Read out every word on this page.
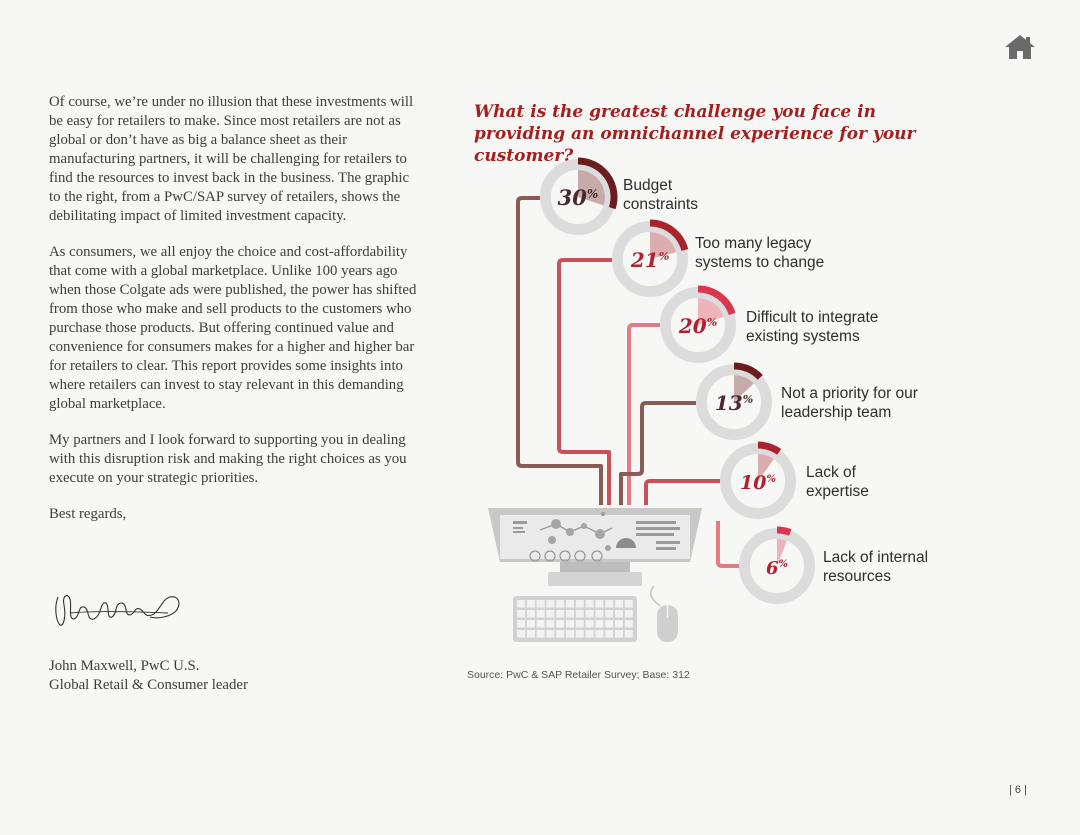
Of course, we’re under no illusion that these investments will be easy for retailers to make. Since most retailers are not as global or don’t have as big a balance sheet as their manufacturing partners, it will be challenging for retailers to find the resources to invest back in the business. The graphic to the right, from a PwC/SAP survey of retailers, shows the debilitating impact of limited investment capacity.

As consumers, we all enjoy the choice and cost-affordability that come with a global marketplace. Unlike 100 years ago when those Colgate ads were published, the power has shifted from those who make and sell products to the customers who purchase those products. But offering continued value and convenience for consumers makes for a higher and higher bar for retailers to clear. This report provides some insights into where retailers can invest to stay relevant in this demanding global marketplace.

My partners and I look forward to supporting you in dealing with this disruption risk and making the right choices as you execute on your strategic priorities.

Best regards,

John Maxwell, PwC U.S.
Global Retail & Consumer leader
What is the greatest challenge you face in providing an omnichannel experience for your customer?
30%
21%
20%
13%
10%
6%
Budget
constraints
Too many legacy
systems to change
Difficult to integrate
existing systems
Not a priority for our
leadership team
Lack of
expertise
Lack of internal
resources
Source: PwC & SAP Retailer Survey; Base: 312
| 6 |
